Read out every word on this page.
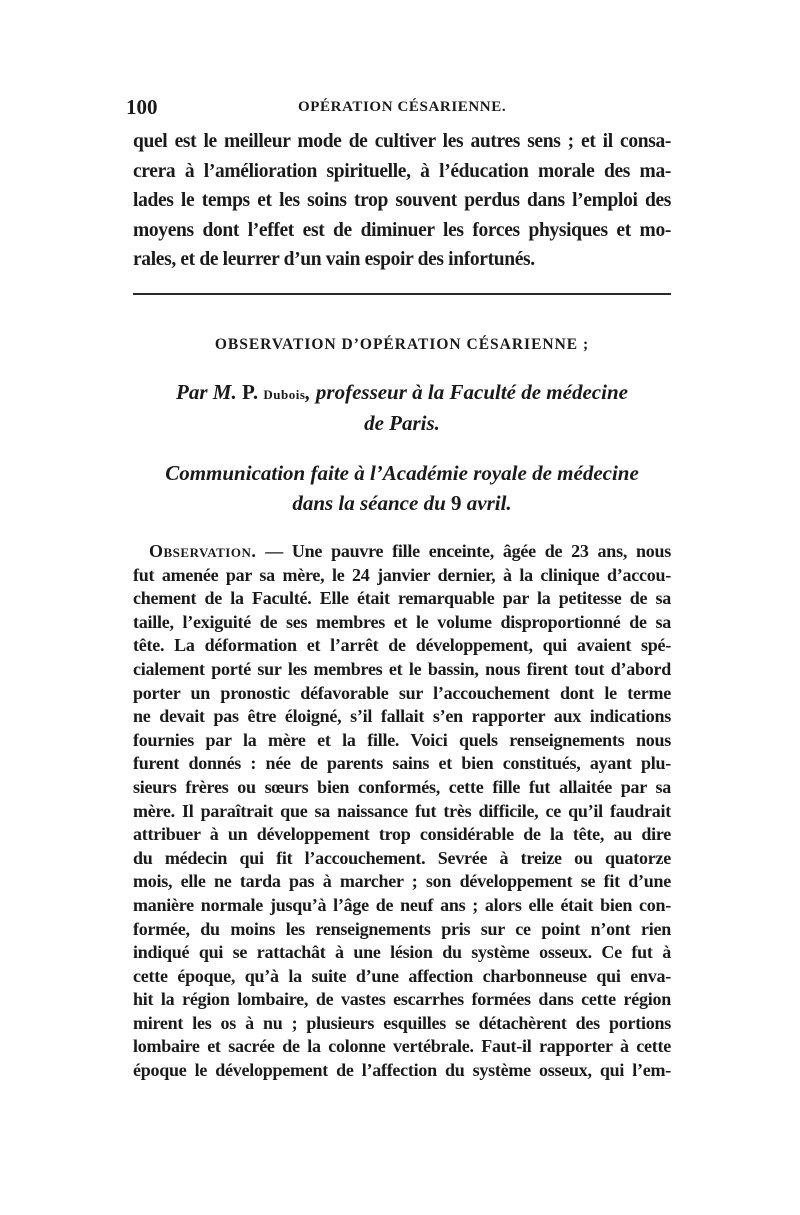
100	OPÉRATION CÉSARIENNE.
quel est le meilleur mode de cultiver les autres sens ; et il consa-
crera à l’amélioration spirituelle, à l’éducation morale des ma-
lades le temps et les soins trop souvent perdus dans l’emploi des
moyens dont l’effet est de diminuer les forces physiques et mo-
rales, et de leurrer d’un vain espoir des infortunés.
OBSERVATION D’OPÉRATION CÉSARIENNE ;
Par M. P. Dubois, professeur à la Faculté de médecine
de Paris.
Communication faite à l’Académie royale de médecine
dans la séance du 9 avril.
Observation. — Une pauvre fille enceinte, âgée de 23 ans, nous
fut amenée par sa mère, le 24 janvier dernier, à la clinique d’accou-
chement de la Faculté. Elle était remarquable par la petitesse de sa
taille, l’exiguité de ses membres et le volume disproportionné de sa
tête. La déformation et l’arrêt de développement, qui avaient spé-
cialement porté sur les membres et le bassin, nous firent tout d’abord
porter un pronostic défavorable sur l’accouchement dont le terme
ne devait pas être éloigné, s’il fallait s’en rapporter aux indications
fournies par la mère et la fille. Voici quels renseignements nous
furent donnés : née de parents sains et bien constitués, ayant plu-
sieurs frères ou sœurs bien conformés, cette fille fut allaitée par sa
mère. Il paraîtrait que sa naissance fut très difficile, ce qu’il faudrait
attribuer à un développement trop considérable de la tête, au dire
du médecin qui fit l’accouchement. Sevrée à treize ou quatorze
mois, elle ne tarda pas à marcher ; son développement se fit d’une
manière normale jusqu’à l’âge de neuf ans ; alors elle était bien con-
formée, du moins les renseignements pris sur ce point n’ont rien
indiqué qui se rattachât à une lésion du système osseux. Ce fut à
cette époque, qu’à la suite d’une affection charbonneuse qui enva-
hit la région lombaire, de vastes escarrhes formées dans cette région
mirent les os à nu ; plusieurs esquilles se détachèrent des portions
lombaire et sacrée de la colonne vertébrale. Faut-il rapporter à cette
époque le développement de l’affection du système osseux, qui l’em-
